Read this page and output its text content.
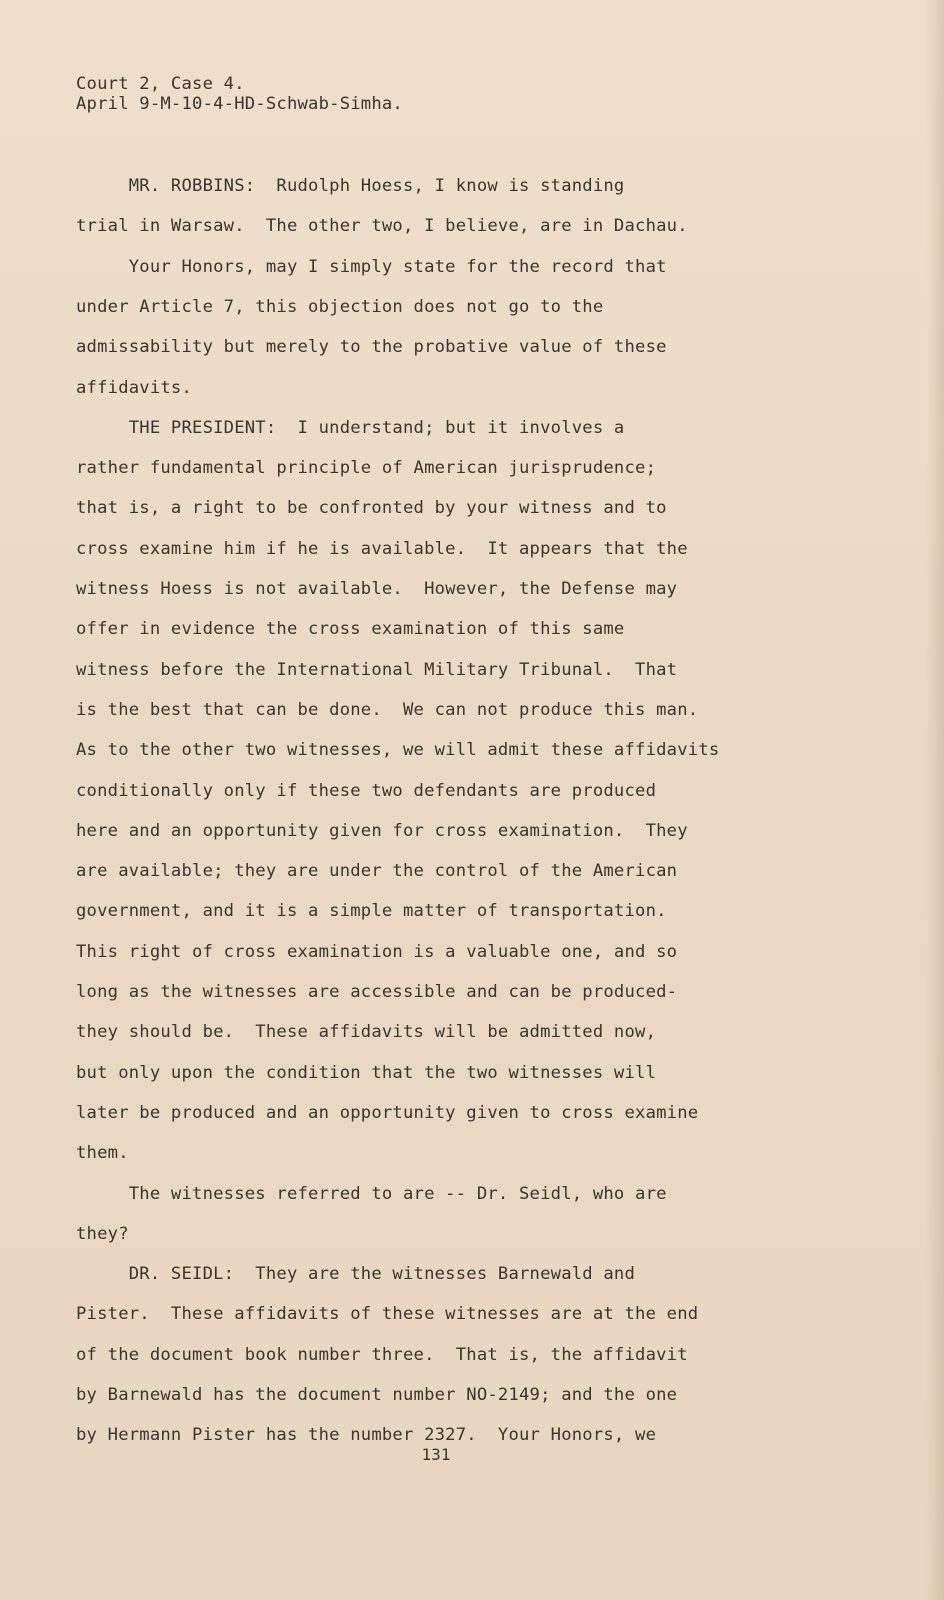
Court 2, Case 4.
April 9-M-10-4-HD-Schwab-Simha.
MR. ROBBINS:  Rudolph Hoess, I know is standing
trial in Warsaw.  The other two, I believe, are in Dachau.
Your Honors, may I simply state for the record that
under Article 7, this objection does not go to the
admissability but merely to the probative value of these
affidavits.
THE PRESIDENT:  I understand; but it involves a
rather fundamental principle of American jurisprudence;
that is, a right to be confronted by your witness and to
cross examine him if he is available.  It appears that the
witness Hoess is not available.  However, the Defense may
offer in evidence the cross examination of this same
witness before the International Military Tribunal.  That
is the best that can be done.  We can not produce this man.
As to the other two witnesses, we will admit these affidavits
conditionally only if these two defendants are produced
here and an opportunity given for cross examination.  They
are available; they are under the control of the American
government, and it is a simple matter of transportation.
This right of cross examination is a valuable one, and so
long as the witnesses are accessible and can be produced-
they should be.  These affidavits will be admitted now,
but only upon the condition that the two witnesses will
later be produced and an opportunity given to cross examine
them.
The witnesses referred to are -- Dr. Seidl, who are
they?
DR. SEIDL:  They are the witnesses Barnewald and
Pister.  These affidavits of these witnesses are at the end
of the document book number three.  That is, the affidavit
by Barnewald has the document number NO-2149; and the one
by Hermann Pister has the number 2327.  Your Honors, we
131
